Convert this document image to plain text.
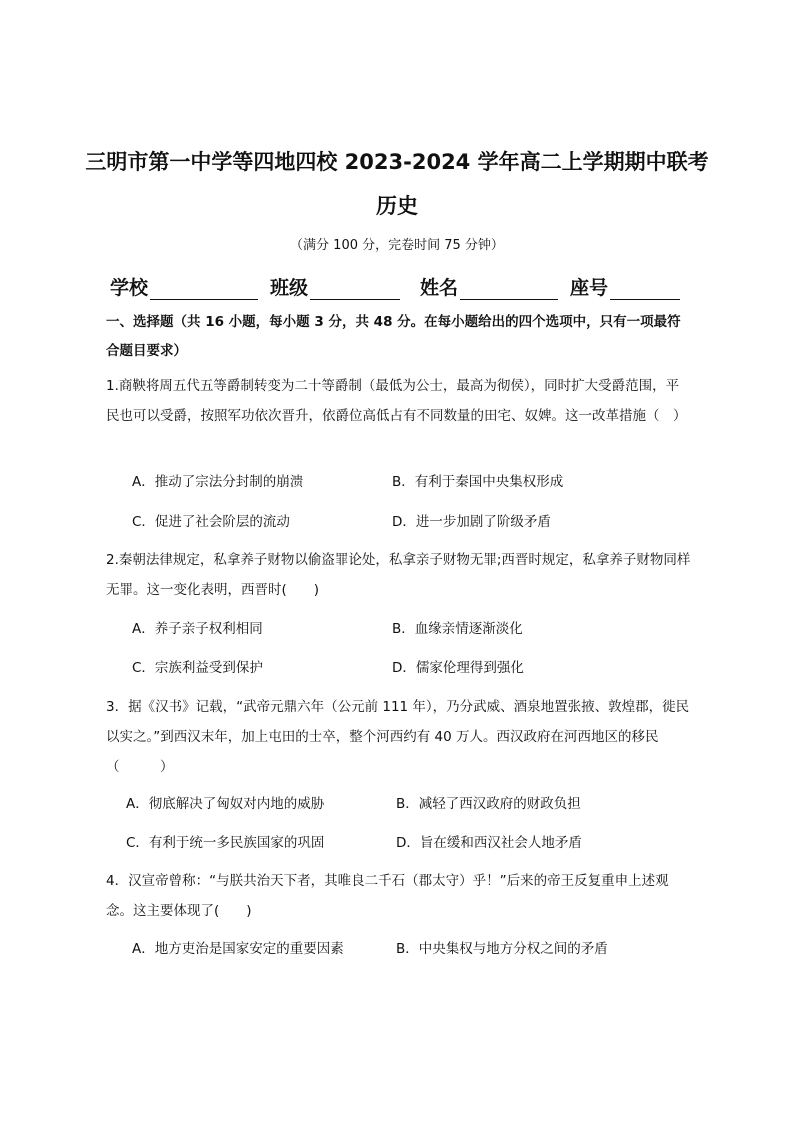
三明市第一中学等四地四校 2023-2024 学年高二上学期期中联考
历史
（满分 100 分，完卷时间 75 分钟）
学校	班级	姓名	座号
一、选择题（共 16 小题，每小题 3 分，共 48 分。在每小题给出的四个选项中，只有一项最符合题目要求）
1.商鞅将周五代五等爵制转变为二十等爵制（最低为公士，最高为彻侯），同时扩大受爵范围，平民也可以受爵，按照军功依次晋升，依爵位高低占有不同数量的田宅、奴婢。这一改革措施（　）
A．推动了宗法分封制的崩溃	B．有利于秦国中央集权形成
C．促进了社会阶层的流动	D．进一步加剧了阶级矛盾
2.秦朝法律规定，私拿养子财物以偷盗罪论处，私拿亲子财物无罪;西晋时规定，私拿养子财物同样无罪。这一变化表明，西晋时(　　)
A．养子亲子权利相同	B．血缘亲情逐渐淡化
C．宗族利益受到保护	D．儒家伦理得到强化
3．据《汉书》记载，“武帝元鼎六年（公元前 111 年），乃分武威、酒泉地置张掖、敦煌郡，徙民以实之。”到西汉末年，加上屯田的士卒，整个河西约有 40 万人。西汉政府在河西地区的移民（　　　）
A．彻底解决了匈奴对内地的威胁	B．减轻了西汉政府的财政负担
C．有利于统一多民族国家的巩固	D．旨在缓和西汉社会人地矛盾
4．汉宣帝曾称：“与朕共治天下者，其唯良二千石（郡太守）乎！”后来的帝王反复重申上述观念。这主要体现了(　　)
A．地方吏治是国家安定的重要因素	B．中央集权与地方分权之间的矛盾
